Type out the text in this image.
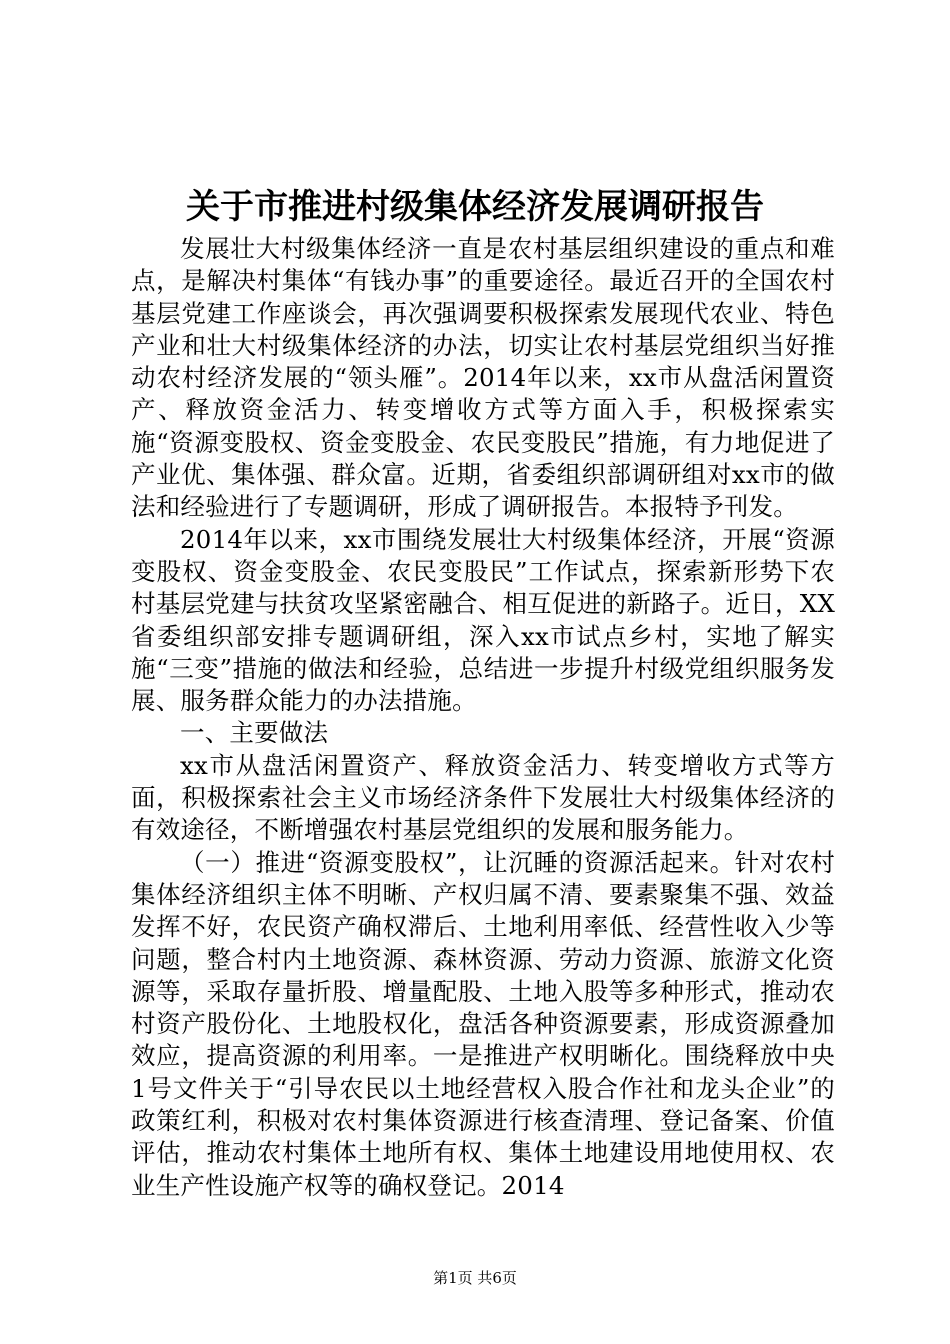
关于市推进村级集体经济发展调研报告

发展壮大村级集体经济一直是农村基层组织建设的重点和难点，是解决村集体“有钱办事”的重要途径。最近召开的全国农村基层党建工作座谈会，再次强调要积极探索发展现代农业、特色产业和壮大村级集体经济的办法，切实让农村基层党组织当好推动农村经济发展的“领头雁”。2014年以来，xx市从盘活闲置资产、释放资金活力、转变增收方式等方面入手，积极探索实施“资源变股权、资金变股金、农民变股民”措施，有力地促进了产业优、集体强、群众富。近期，省委组织部调研组对xx市的做法和经验进行了专题调研，形成了调研报告。本报特予刊发。

2014年以来，xx市围绕发展壮大村级集体经济，开展“资源变股权、资金变股金、农民变股民”工作试点，探索新形势下农村基层党建与扶贫攻坚紧密融合、相互促进的新路子。近日，XX省委组织部安排专题调研组，深入xx市试点乡村，实地了解实施“三变”措施的做法和经验，总结进一步提升村级党组织服务发展、服务群众能力的办法措施。

一、主要做法

xx市从盘活闲置资产、释放资金活力、转变增收方式等方面，积极探索社会主义市场经济条件下发展壮大村级集体经济的有效途径，不断增强农村基层党组织的发展和服务能力。

（一）推进“资源变股权”，让沉睡的资源活起来。针对农村集体经济组织主体不明晰、产权归属不清、要素聚集不强、效益发挥不好，农民资产确权滞后、土地利用率低、经营性收入少等问题，整合村内土地资源、森林资源、劳动力资源、旅游文化资源等，采取存量折股、增量配股、土地入股等多种形式，推动农村资产股份化、土地股权化，盘活各种资源要素，形成资源叠加效应，提高资源的利用率。一是推进产权明晰化。围绕释放中央1号文件关于“引导农民以土地经营权入股合作社和龙头企业”的政策红利，积极对农村集体资源进行核查清理、登记备案、价值评估，推动农村集体土地所有权、集体土地建设用地使用权、农业生产性设施产权等的确权登记。2014

第1页 共6页
